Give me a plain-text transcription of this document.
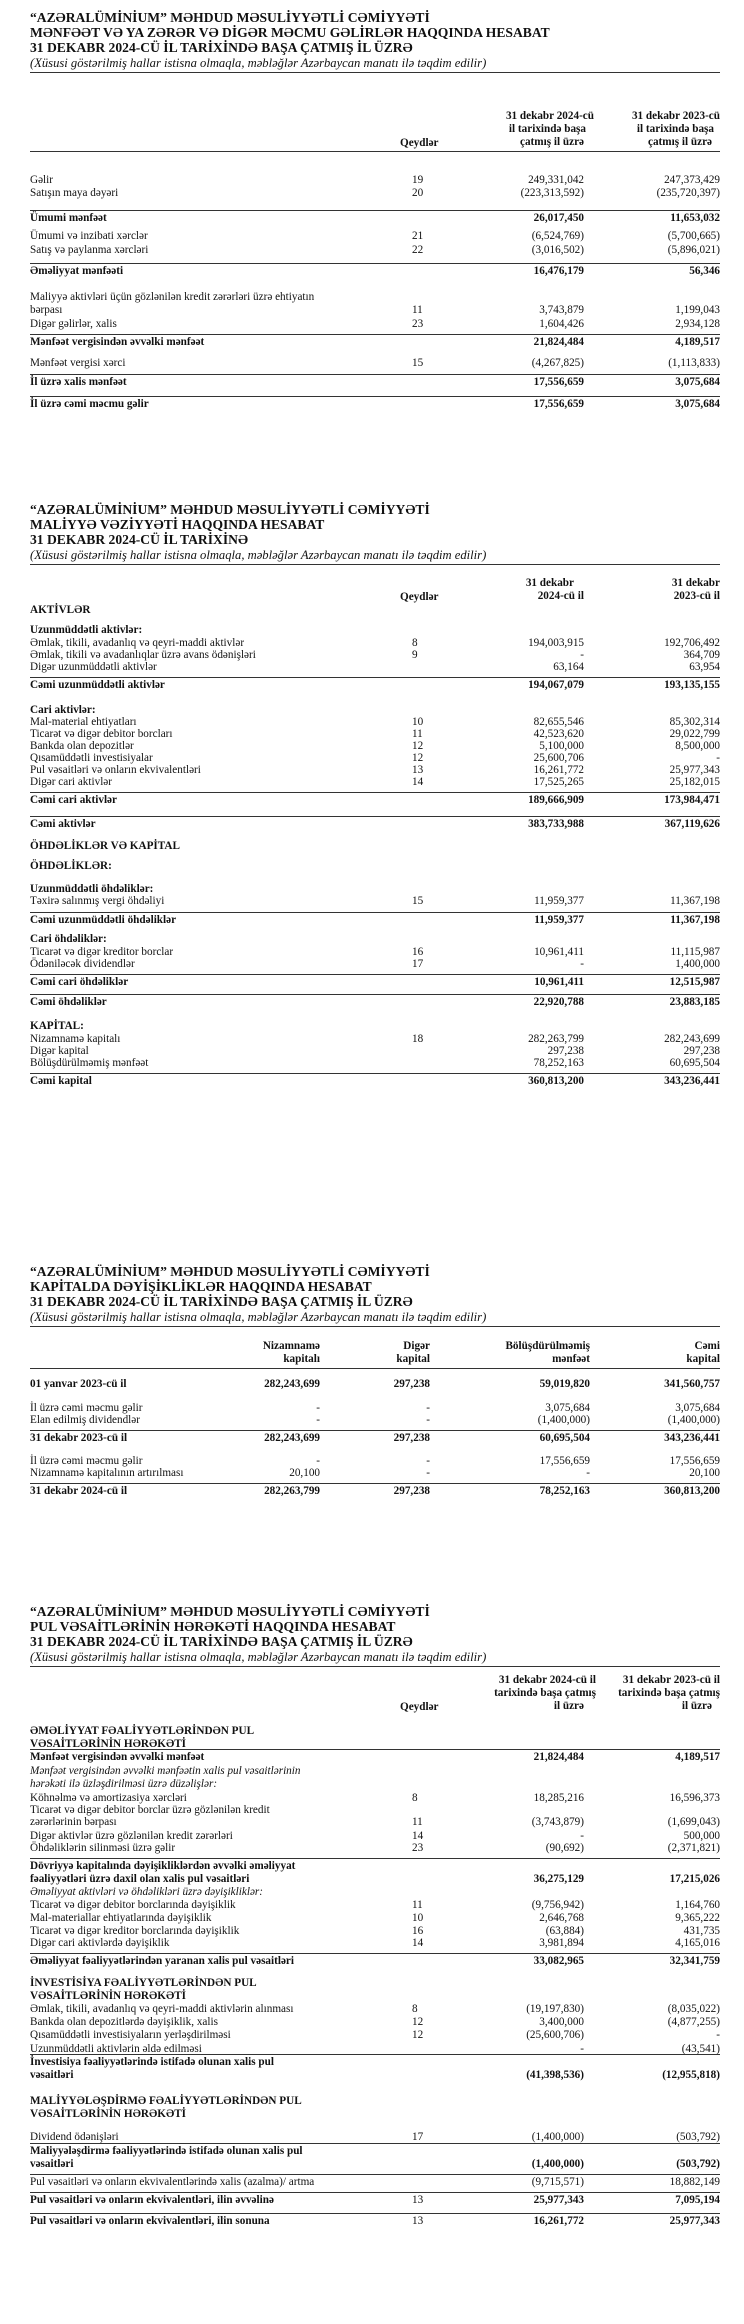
“AZƏRALÜMİNİUM” MƏHDUD MƏSULİYYƏTLİ CƏMİYYƏTİ
MƏNFƏƏT VƏ YA ZƏRƏR VƏ DİGƏR MƏCMU GƏLİRLƏR HAQQINDA HESABAT
31 DEKABR 2024-CÜ İL TARİXİNDƏ BAŞA ÇATMIŞ İL ÜZRƏ
(Xüsusi göstərilmiş hallar istisna olmaqla, məbləğlər Azərbaycan manatı ilə təqdim edilir)
31 dekabr 2024-cü
il tarixində başa
çatmış il üzrə
31 dekabr 2023-cü
il tarixində başa
çatmış il üzrə
Qeydlər
Gəlir	19	249,331,042	247,373,429
Satışın maya dəyəri	20	(223,313,592)	(235,720,397)
Ümumi mənfəət	26,017,450	11,653,032
Ümumi və inzibati xərclər	21	(6,524,769)	(5,700,665)
Satış və paylanma xərcləri	22	(3,016,502)	(5,896,021)
Əməliyyat mənfəəti	16,476,179	56,346
Maliyyə aktivləri üçün gözlənilən kredit zərərləri üzrə ehtiyatın
bərpası	11	3,743,879	1,199,043
Digər gəlirlər, xalis	23	1,604,426	2,934,128
Mənfəət vergisindən əvvəlki mənfəət	21,824,484	4,189,517
Mənfəət vergisi xərci	15	(4,267,825)	(1,113,833)
İl üzrə xalis mənfəət	17,556,659	3,075,684
İl üzrə cəmi məcmu gəlir	17,556,659	3,075,684
“AZƏRALÜMİNİUM” MƏHDUD MƏSULİYYƏTLİ CƏMİYYƏTİ
MALİYYƏ VƏZİYYƏTİ HAQQINDA HESABAT
31 DEKABR 2024-CÜ İL TARİXİNƏ
(Xüsusi göstərilmiş hallar istisna olmaqla, məbləğlər Azərbaycan manatı ilə təqdim edilir)
31 dekabr
2024-cü il
31 dekabr
2023-cü il
Qeydlər
AKTİVLƏR
Uzunmüddətli aktivlər:
Əmlak, tikili, avadanlıq və qeyri-maddi aktivlər	8	194,003,915	192,706,492
Əmlak, tikili və avadanlıqlar üzrə avans ödənişləri	9	-	364,709
Digər uzunmüddətli aktivlər	63,164	63,954
Cəmi uzunmüddətli aktivlər	194,067,079	193,135,155
Cari aktivlər:
Mal-material ehtiyatları	10	82,655,546	85,302,314
Ticarət və digər debitor borcları	11	42,523,620	29,022,799
Bankda olan depozitlər	12	5,100,000	8,500,000
Qısamüddətli investisiyalar	12	25,600,706	-
Pul vəsaitləri və onların ekvivalentləri	13	16,261,772	25,977,343
Digər cari aktivlər	14	17,525,265	25,182,015
Cəmi cari aktivlər	189,666,909	173,984,471
Cəmi aktivlər	383,733,988	367,119,626
ÖHDƏLİKLƏR VƏ KAPİTAL
ÖHDƏLİKLƏR:
Uzunmüddətli öhdəliklər:
Təxirə salınmış vergi öhdəliyi	15	11,959,377	11,367,198
Cəmi uzunmüddətli öhdəliklər	11,959,377	11,367,198
Cari öhdəliklər:
Ticarət və digər kreditor borclar	16	10,961,411	11,115,987
Ödəniləcək dividendlər	17	-	1,400,000
Cəmi cari öhdəliklər	10,961,411	12,515,987
Cəmi öhdəliklər	22,920,788	23,883,185
KAPİTAL:
Nizamnamə kapitalı	18	282,263,799	282,243,699
Digər kapital	297,238	297,238
Bölüşdürülməmiş mənfəət	78,252,163	60,695,504
Cəmi kapital	360,813,200	343,236,441
“AZƏRALÜMİNİUM” MƏHDUD MƏSULİYYƏTLİ CƏMİYYƏTİ
KAPİTALDA DƏYİŞİKLİKLƏR HAQQINDA HESABAT
31 DEKABR 2024-CÜ İL TARİXİNDƏ BAŞA ÇATMIŞ İL ÜZRƏ
(Xüsusi göstərilmiş hallar istisna olmaqla, məbləğlər Azərbaycan manatı ilə təqdim edilir)
Nizamnamə
kapitalı
Digər
kapital
Bölüşdürülməmiş
mənfəət
Cəmi
kapital
01 yanvar 2023-cü il	282,243,699	297,238	59,019,820	341,560,757
İl üzrə cəmi məcmu gəlir	-	-	3,075,684	3,075,684
Elan edilmiş dividendlər	-	-	(1,400,000)	(1,400,000)
31 dekabr 2023-cü il	282,243,699	297,238	60,695,504	343,236,441
İl üzrə cəmi məcmu gəlir	-	-	17,556,659	17,556,659
Nizamnamə kapitalının artırılması	20,100	-	-	20,100
31 dekabr 2024-cü il	282,263,799	297,238	78,252,163	360,813,200
“AZƏRALÜMİNİUM” MƏHDUD MƏSULİYYƏTLİ CƏMİYYƏTİ
PUL VƏSAİTLƏRİNİN HƏRƏKƏTİ HAQQINDA HESABAT
31 DEKABR 2024-CÜ İL TARİXİNDƏ BAŞA ÇATMIŞ İL ÜZRƏ
(Xüsusi göstərilmiş hallar istisna olmaqla, məbləğlər Azərbaycan manatı ilə təqdim edilir)
31 dekabr 2024-cü il
tarixində başa çatmış
il üzrə
31 dekabr 2023-cü il
tarixində başa çatmış
il üzrə
Qeydlər
ƏMƏLİYYAT FƏALİYYƏTLƏRİNDƏN PUL
VƏSAİTLƏRİNİN HƏRƏKƏTİ
Mənfəət vergisindən əvvəlki mənfəət	21,824,484	4,189,517
Mənfəət vergisindən əvvəlki mənfəətin xalis pul vəsaitlərinin
hərəkəti ilə üzləşdirilməsi üzrə düzəlişlər:
Köhnəlmə və amortizasiya xərcləri	8	18,285,216	16,596,373
Ticarət və digər debitor borclar üzrə gözlənilən kredit
zərərlərinin bərpası	11	(3,743,879)	(1,699,043)
Digər aktivlər üzrə gözlənilən kredit zərərləri	14	-	500,000
Öhdəliklərin silinməsi üzrə gəlir	23	(90,692)	(2,371,821)
Dövriyyə kapitalında dəyişikliklərdən əvvəlki əməliyyat
fəaliyyətləri üzrə daxil olan xalis pul vəsaitləri	36,275,129	17,215,026
Əməliyyat aktivləri və öhdəlikləri üzrə dəyişikliklər:
Ticarət və digər debitor borclarında dəyişiklik	11	(9,756,942)	1,164,760
Mal-materiallar ehtiyatlarında dəyişiklik	10	2,646,768	9,365,222
Ticarət və digər kreditor borclarında dəyişiklik	16	(63,884)	431,735
Digər cari aktivlərdə dəyişiklik	14	3,981,894	4,165,016
Əməliyyat fəaliyyətlərindən yaranan xalis pul vəsaitləri	33,082,965	32,341,759
İNVESTİSİYA FƏALİYYƏTLƏRİNDƏN PUL
VƏSAİTLƏRİNİN HƏRƏKƏTİ
Əmlak, tikili, avadanlıq və qeyri-maddi aktivlərin alınması	8	(19,197,830)	(8,035,022)
Bankda olan depozitlərdə dəyişiklik, xalis	12	3,400,000	(4,877,255)
Qısamüddətli investisiyaların yerləşdirilməsi	12	(25,600,706)	-
Uzunmüddətli aktivlərin əldə edilməsi	-	(43,541)
İnvestisiya fəaliyyətlərində istifadə olunan xalis pul
vəsaitləri	(41,398,536)	(12,955,818)
MALİYYƏLƏŞDİRMƏ FƏALİYYƏTLƏRİNDƏN PUL
VƏSAİTLƏRİNİN HƏRƏKƏTİ
Dividend ödənişləri	17	(1,400,000)	(503,792)
Maliyyələşdirmə fəaliyyətlərində istifadə olunan xalis pul
vəsaitləri	(1,400,000)	(503,792)
Pul vəsaitləri və onların ekvivalentlərində xalis (azalma)/ artma	(9,715,571)	18,882,149
Pul vəsaitləri və onların ekvivalentləri, ilin əvvəlinə	13	25,977,343	7,095,194
Pul vəsaitləri və onların ekvivalentləri, ilin sonuna	13	16,261,772	25,977,343
